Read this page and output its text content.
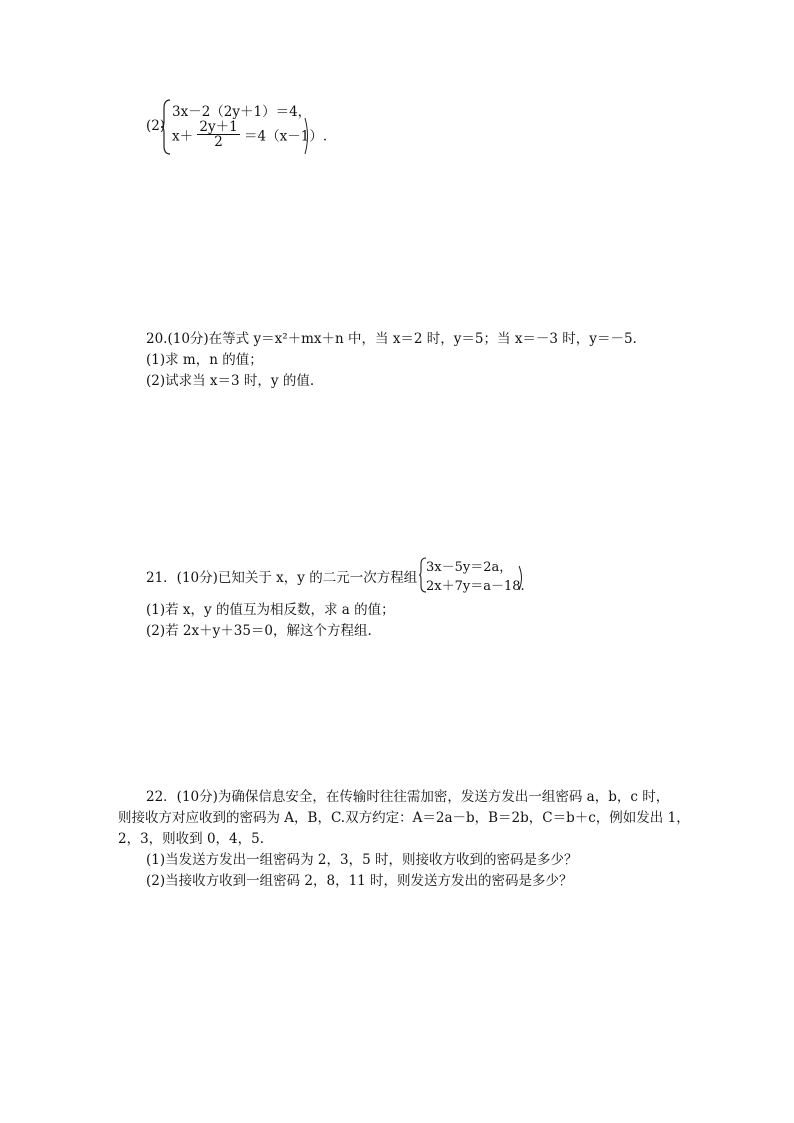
(2)
3x－2（2y＋1）＝4，
$x+ \frac{2y+1}{2} =4(x-1)$.
20.(10分)在等式 y＝x²＋mx＋n 中，当 x＝2 时，y＝5；当 x＝－3 时，y＝－5.
(1)求 m，n 的值；
(2)试求当 x＝3 时，y 的值.
21．(10分)已知关于 x，y 的二元一次方程组
3x－5y＝2a，
2x＋7y＝a－18.
(1)若 x，y 的值互为相反数，求 a 的值；
(2)若 2x＋y＋35＝0，解这个方程组.
22．(10分)为确保信息安全，在传输时往往需加密，发送方发出一组密码 a，b，c 时，
则接收方对应收到的密码为 A，B，C.双方约定：A＝2a－b，B＝2b，C＝b＋c，例如发出 1，
2，3，则收到 0，4，5.
(1)当发送方发出一组密码为 2，3，5 时，则接收方收到的密码是多少？
(2)当接收方收到一组密码 2，8，11 时，则发送方发出的密码是多少？
